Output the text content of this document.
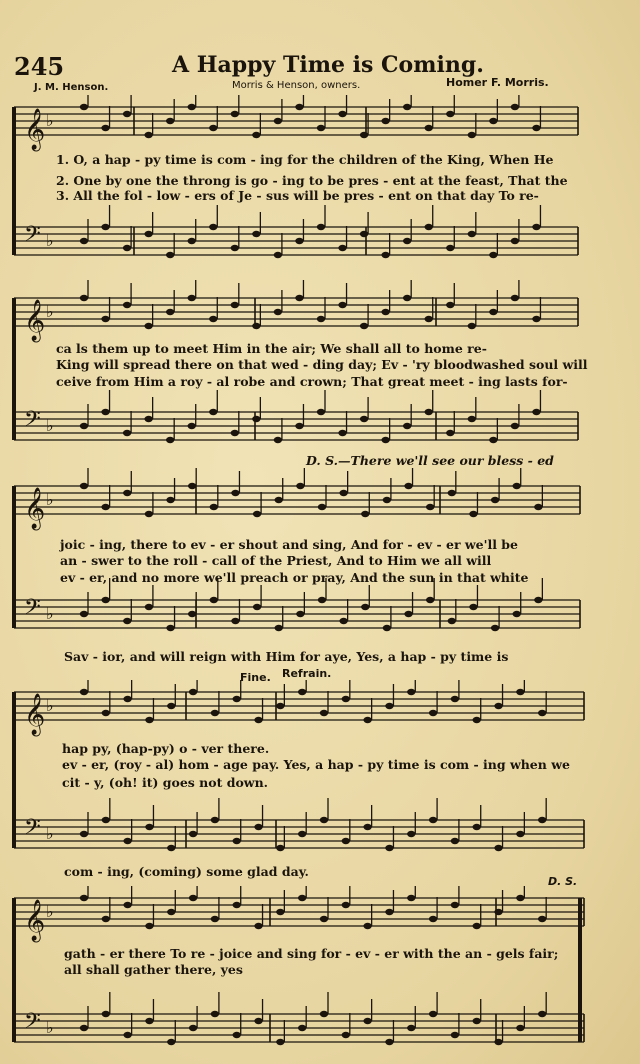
245	A Happy Time is Coming.
J. M. Henson.	Morris & Henson, owners.	Homer F. Morris.
𝄞 ♭
𝄢 ♭
1. O, a hap - py time is com - ing for the children of the King, When He
2. One by one the throng is go - ing to be pres - ent at the feast, That the
3. All the fol - low - ers of Je - sus will be pres - ent on that day To re-
𝄞 ♭
𝄢 ♭
ca ls them up to meet Him in the air; We shall all to home re-
King will spread there on that wed - ding day; Ev - 'ry bloodwashed soul will
ceive from Him a roy - al robe and crown; That great meet - ing lasts for-
D. S.—There we'll see our bless - ed
𝄞 ♭
𝄢 ♭
joic - ing, there to ev - er shout and sing, And for - ev - er we'll be
an - swer to the roll - call of the Priest, And to Him we all will
ev - er, and no more we'll preach or pray, And the sun in that white
Sav - ior, and will reign with Him for aye, Yes, a hap - py time is
Fine. Refrain.
𝄞 ♭
𝄢 ♭
hap py, (hap-py) o - ver there.
ev - er, (roy - al) hom - age pay. Yes, a hap - py time is com - ing when we
cit - y, (oh! it) goes not down.
com - ing, (coming) some glad day.
D. S.
𝄞 ♭
𝄢 ♭
gath - er there To re - joice and sing for - ev - er with the an - gels fair;
all shall gather there, yes
